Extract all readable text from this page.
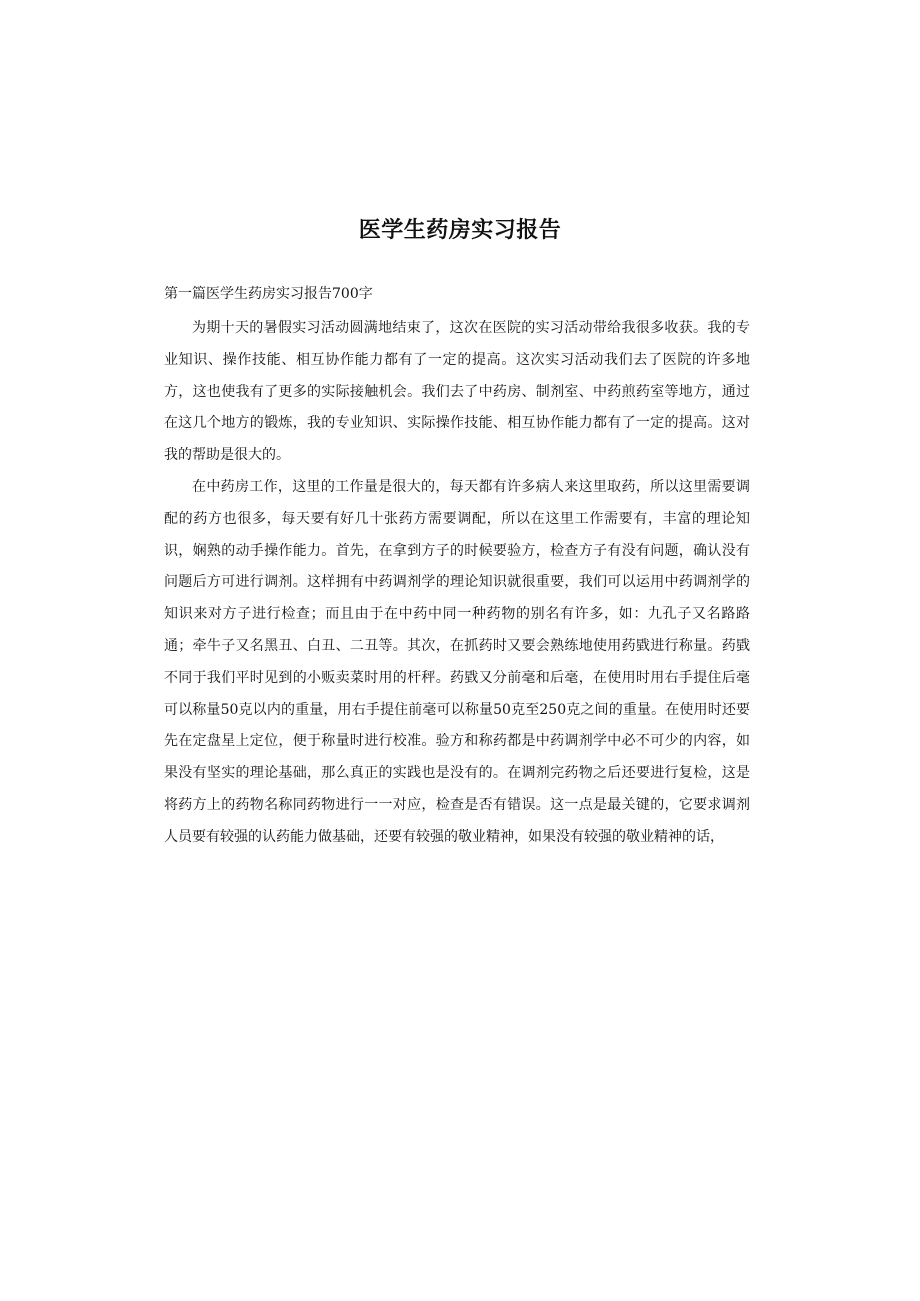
医学生药房实习报告
第一篇医学生药房实习报告700字

为期十天的暑假实习活动圆满地结束了，这次在医院的实习活动带给我很多收获。我的专业知识、操作技能、相互协作能力都有了一定的提高。这次实习活动我们去了医院的许多地方，这也使我有了更多的实际接触机会。我们去了中药房、制剂室、中药煎药室等地方，通过在这几个地方的锻炼，我的专业知识、实际操作技能、相互协作能力都有了一定的提高。这对我的帮助是很大的。

在中药房工作，这里的工作量是很大的，每天都有许多病人来这里取药，所以这里需要调配的药方也很多，每天要有好几十张药方需要调配，所以在这里工作需要有，丰富的理论知识，娴熟的动手操作能力。首先，在拿到方子的时候要验方，检查方子有没有问题，确认没有问题后方可进行调剂。这样拥有中药调剂学的理论知识就很重要，我们可以运用中药调剂学的知识来对方子进行检查；而且由于在中药中同一种药物的别名有许多，如：九孔子又名路路通；牵牛子又名黑丑、白丑、二丑等。其次，在抓药时又要会熟练地使用药戥进行称量。药戥不同于我们平时见到的小贩卖菜时用的杆秤。药戥又分前毫和后毫，在使用时用右手提住后毫可以称量50克以内的重量，用右手提住前毫可以称量50克至250克之间的重量。在使用时还要先在定盘星上定位，便于称量时进行校准。验方和称药都是中药调剂学中必不可少的内容，如果没有坚实的理论基础，那么真正的实践也是没有的。在调剂完药物之后还要进行复检，这是将药方上的药物名称同药物进行一一对应，检查是否有错误。这一点是最关键的，它要求调剂人员要有较强的认药能力做基础，还要有较强的敬业精神，如果没有较强的敬业精神的话，
